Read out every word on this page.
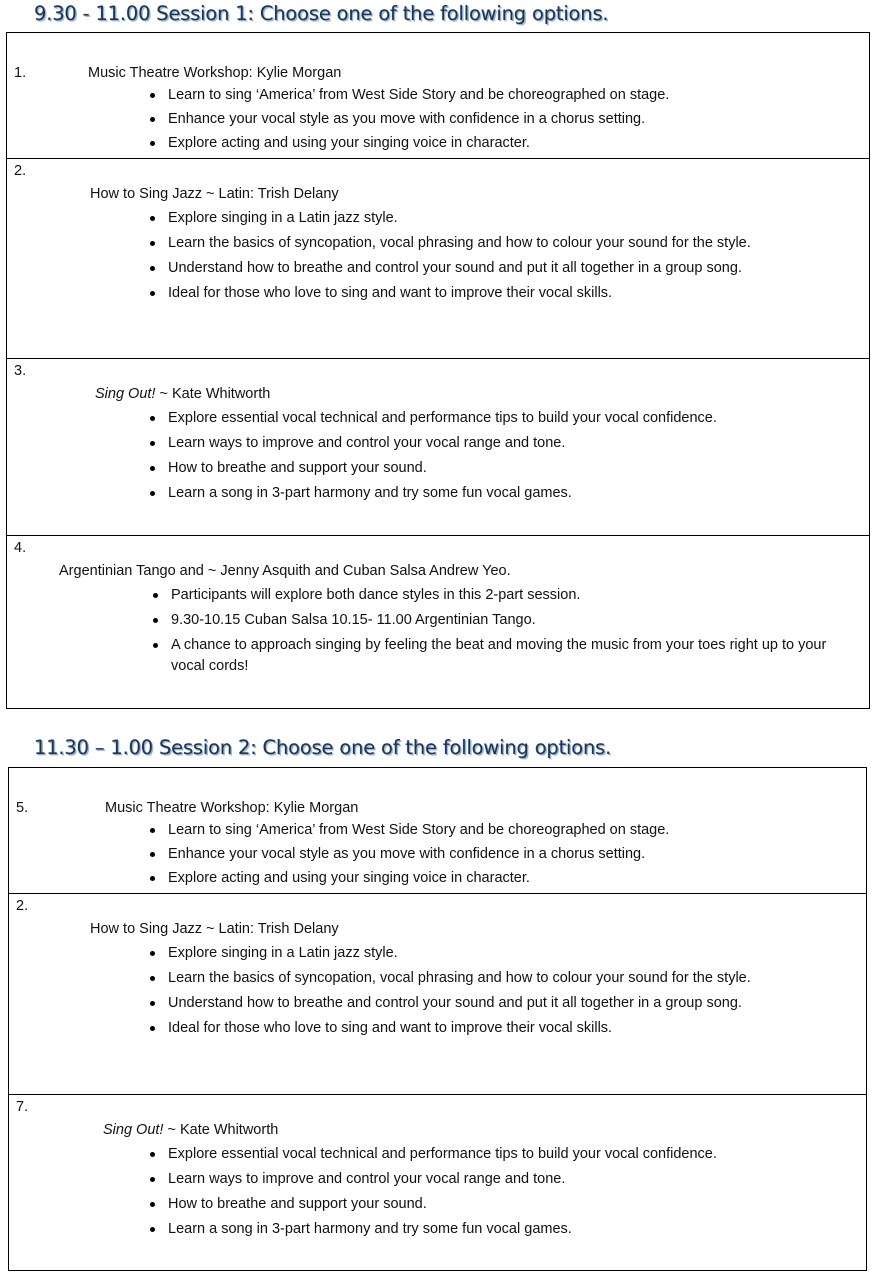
9.30 - 11.00 Session 1: Choose one of the following options.
1.	Music Theatre Workshop: Kylie Morgan
Learn to sing ‘America’ from West Side Story and be choreographed on stage.
Enhance your vocal style as you move with confidence in a chorus setting.
Explore acting and using your singing voice in character.
2.
How to Sing Jazz ~ Latin: Trish Delany
Explore singing in a Latin jazz style.
Learn the basics of syncopation, vocal phrasing and how to colour your sound for the style.
Understand how to breathe and control your sound and put it all together in a group song.
Ideal for those who love to sing and want to improve their vocal skills.
3.
Sing Out! ~ Kate Whitworth
Explore essential vocal technical and performance tips to build your vocal confidence.
Learn ways to improve and control your vocal range and tone.
How to breathe and support your sound.
Learn a song in 3-part harmony and try some fun vocal games.
4.
Argentinian Tango and ~ Jenny Asquith and Cuban Salsa Andrew Yeo.
Participants will explore both dance styles in this 2-part session.
9.30-10.15 Cuban Salsa 10.15- 11.00 Argentinian Tango.
A chance to approach singing by feeling the beat and moving the music from your toes right up to your vocal cords!
11.30 – 1.00 Session 2: Choose one of the following options.
5.	Music Theatre Workshop: Kylie Morgan
Learn to sing ‘America’ from West Side Story and be choreographed on stage.
Enhance your vocal style as you move with confidence in a chorus setting.
Explore acting and using your singing voice in character.
2.
How to Sing Jazz ~ Latin: Trish Delany
Explore singing in a Latin jazz style.
Learn the basics of syncopation, vocal phrasing and how to colour your sound for the style.
Understand how to breathe and control your sound and put it all together in a group song.
Ideal for those who love to sing and want to improve their vocal skills.
7.
Sing Out! ~ Kate Whitworth
Explore essential vocal technical and performance tips to build your vocal confidence.
Learn ways to improve and control your vocal range and tone.
How to breathe and support your sound.
Learn a song in 3-part harmony and try some fun vocal games.
